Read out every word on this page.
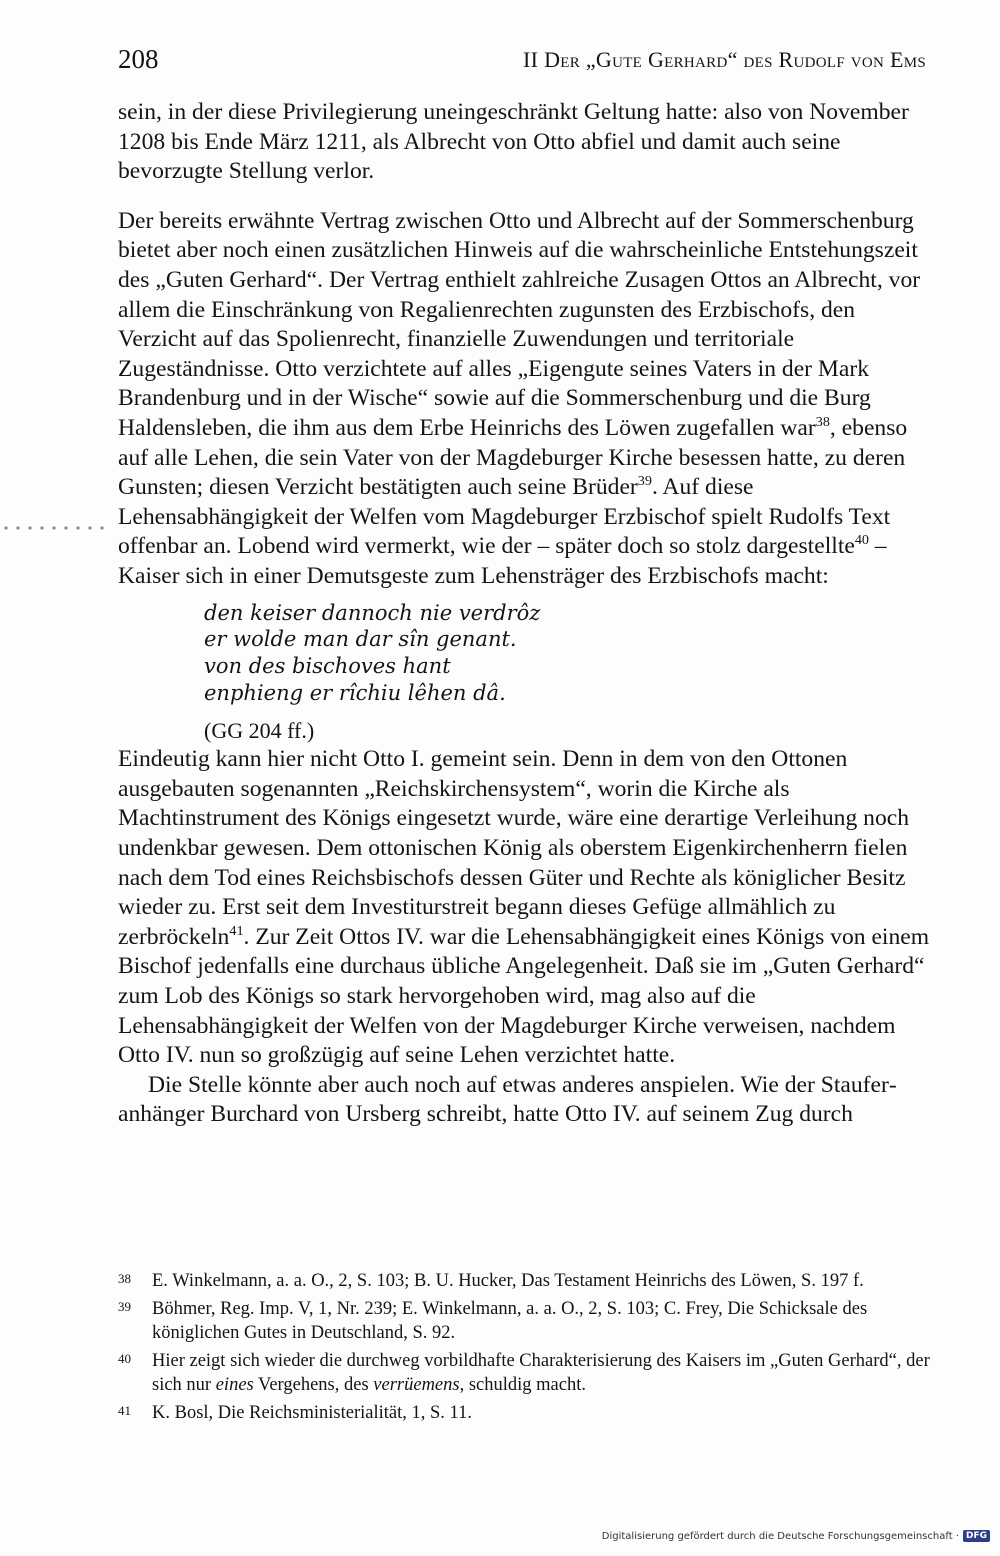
208	II Der „Gute Gerhard“ des Rudolf von Ems

sein, in der diese Privilegierung uneingeschränkt Geltung hatte: also von November 1208 bis Ende März 1211, als Albrecht von Otto abfiel und damit auch seine bevorzugte Stellung verlor.

Der bereits erwähnte Vertrag zwischen Otto und Albrecht auf der Sommerschenburg bietet aber noch einen zusätzlichen Hinweis auf die wahrscheinliche Entstehungszeit des „Guten Gerhard“. Der Vertrag enthielt zahlreiche Zusagen Ottos an Albrecht, vor allem die Einschränkung von Regalienrechten zugunsten des Erzbischofs, den Verzicht auf das Spolienrecht, finanzielle Zuwendungen und territoriale Zugeständnisse. Otto verzichtete auf alles „Eigengute seines Vaters in der Mark Brandenburg und in der Wische“ sowie auf die Sommerschenburg und die Burg Haldensleben, die ihm aus dem Erbe Heinrichs des Löwen zugefallen war$^{38}$, ebenso auf alle Lehen, die sein Vater von der Magdeburger Kirche besessen hatte, zu deren Gunsten; diesen Verzicht bestätigten auch seine Brüder$^{39}$. Auf diese Lehensabhängigkeit der Welfen vom Magdeburger Erzbischof spielt Rudolfs Text offenbar an. Lobend wird vermerkt, wie der – später doch so stolz dargestellte$^{40}$ – Kaiser sich in einer Demutsgeste zum Lehensträger des Erzbischofs macht:

den keiser dannoch nie verdrôz
er wolde man dar sîn genant.
von des bischoves hant
enphieng er rîchiu lêhen dâ.
(GG 204 ff.)

Eindeutig kann hier nicht Otto I. gemeint sein. Denn in dem von den Ottonen ausgebauten sogenannten „Reichskirchensystem“, worin die Kirche als Machtinstrument des Königs eingesetzt wurde, wäre eine derartige Verleihung noch undenkbar gewesen. Dem ottonischen König als oberstem Eigenkirchenherrn fielen nach dem Tod eines Reichsbischofs dessen Güter und Rechte als königlicher Besitz wieder zu. Erst seit dem Investiturstreit begann dieses Gefüge allmählich zu zerbröckeln$^{41}$. Zur Zeit Ottos IV. war die Lehensabhängigkeit eines Königs von einem Bischof jedenfalls eine durchaus übliche Angelegenheit. Daß sie im „Guten Gerhard“ zum Lob des Königs so stark hervorgehoben wird, mag also auf die Lehensabhängigkeit der Welfen von der Magdeburger Kirche verweisen, nachdem Otto IV. nun so großzügig auf seine Lehen verzichtet hatte.

Die Stelle könnte aber auch noch auf etwas anderes anspielen. Wie der Stauferanhänger Burchard von Ursberg schreibt, hatte Otto IV. auf seinem Zug durch

38	E. Winkelmann, a. a. O., 2, S. 103; B. U. Hucker, Das Testament Heinrichs des Löwen, S. 197 f.
39	Böhmer, Reg. Imp. V, 1, Nr. 239; E. Winkelmann, a. a. O., 2, S. 103; C. Frey, Die Schicksale des königlichen Gutes in Deutschland, S. 92.
40	Hier zeigt sich wieder die durchweg vorbildhafte Charakterisierung des Kaisers im „Guten Gerhard“, der sich nur eines Vergehens, des verrüemens, schuldig macht.
41	K. Bosl, Die Reichsministerialität, 1, S. 11.
Digitalisierung gefördert durch die Deutsche Forschungsgemeinschaft · DFG
